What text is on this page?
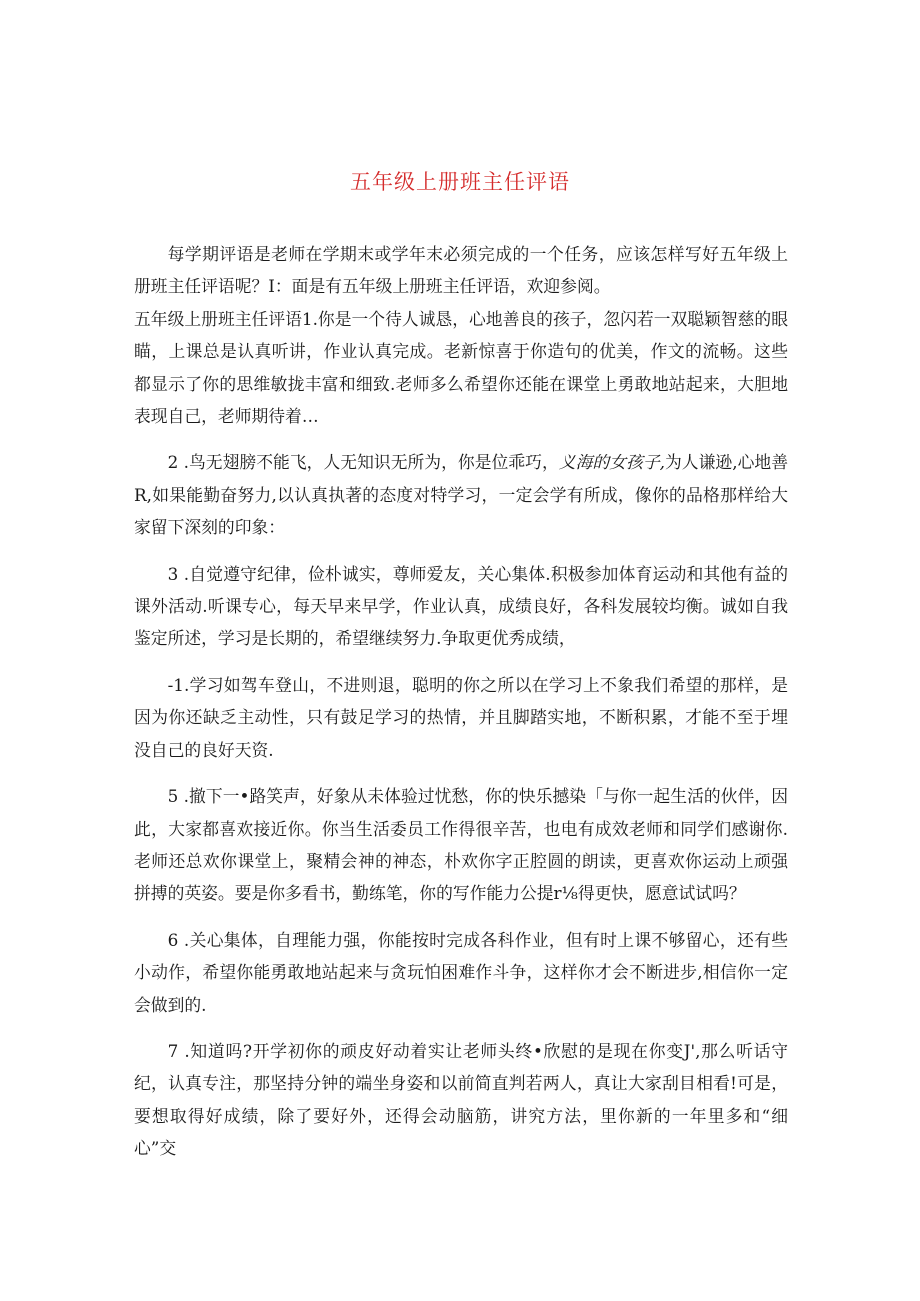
五年级上册班主任评语

每学期评语是老师在学期末或学年末必须完成的一个任务，应该怎样写好五年级上册班主任评语呢？I：面是有五年级上册班主任评语，欢迎参阅。

五年级上册班主任评语1.你是一个待人诚恳，心地善良的孩子，忽闪若一双聪颖智慈的眼瞄，上课总是认真听讲，作业认真完成。老新惊喜于你造句的优美，作文的流畅。这些都显示了你的思维敏拢丰富和细致.老师多么希望你还能在课堂上勇敢地站起来，大胆地表现自己，老师期待着…

2 .鸟无翅膀不能飞，人无知识无所为，你是位乖巧，义海的女孩子,为人谦逊,心地善R,如果能勤奋努力,以认真执著的态度对特学习，一定会学有所成，像你的品格那样给大家留下深刻的印象：

3 .自觉遵守纪律，俭朴诚实，尊师爱友，关心集体.积极参加体育运动和其他有益的课外活动.听课专心，每天早来早学，作业认真，成绩良好，各科发展较均衡。诚如自我鉴定所述，学习是长期的，希望继续努力.争取更优秀成绩，

-1.学习如驾车登山，不进则退，聪明的你之所以在学习上不象我们希望的那样，是因为你还缺乏主动性，只有鼓足学习的热情，并且脚踏实地，不断积累，才能不至于埋没自己的良好天资.

5 .撤下一•路笑声，好象从未体验过忧愁，你的快乐撼染「与你一起生活的伙伴，因此，大家都喜欢接近你。你当生活委员工作得很辛苦，也电有成效老师和同学们感谢你.老师还总欢你课堂上，聚精会神的神态，朴欢你字正腔圆的朗读，更喜欢你运动上顽强拼搏的英姿。要是你多看书，勤练笔，你的写作能力公提r⅛得更快，愿意试试吗？

6 .关心集体，自理能力强，你能按时完成各科作业，但有时上课不够留心，还有些小动作，希望你能勇敢地站起来与贪玩怕困难作斗争，这样你才会不断进步,相信你一定会做到的.

7 .知道吗?开学初你的顽皮好动着实让老师头终•欣慰的是现在你变J',那么听话守纪，认真专注，那坚持分钟的端坐身姿和以前简直判若两人，真让大家刮目相看!可是，要想取得好成绩，除了要好外，还得会动脑筋，讲究方法，里你新的一年里多和“细心”交
